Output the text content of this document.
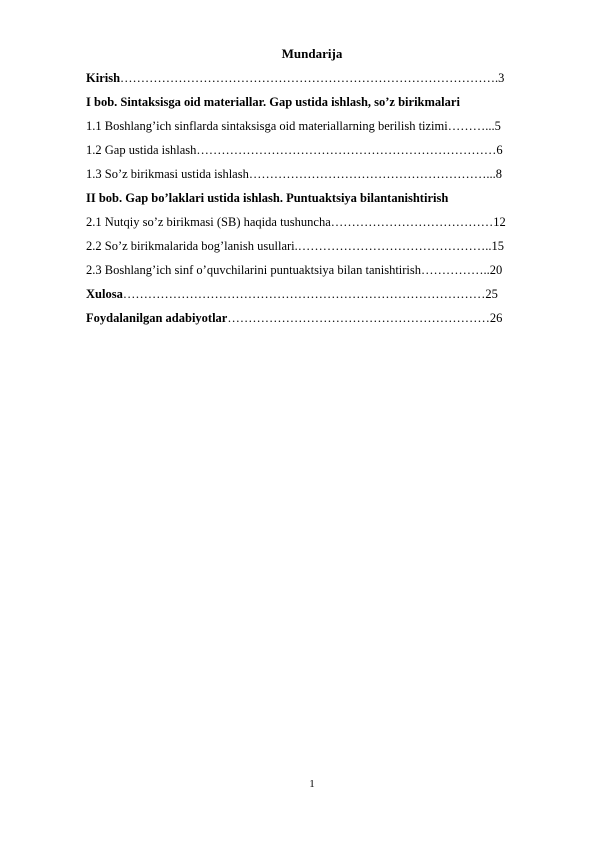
Mundarija
Kirish……………………………………………………………………………….3
I bob. Sintaksisga oid materiallar. Gap ustida ishlash, so’z birikmalari
1.1 Boshlang’ich sinflarda sintaksisga oid materiallarning berilish tizimi………...5
1.2 Gap ustida ishlash………………………………………………………………6
1.3 So’z birikmasi ustida ishlash…………………………………………………...8
II bob. Gap bo’laklari ustida ishlash. Puntuaktsiya bilantanishtirish
2.1 Nutqiy so’z birikmasi (SB) haqida tushuncha…………………………………12
2.2 So’z birikmalarida bog’lanish usullari.………………………………………..15
2.3 Boshlang’ich sinf o’quvchilarini puntuaktsiya bilan tanishtirish……………..20
Xulosa……………………………………………………………………………25
Foydalanilgan adabiyotlar………………………………………………………26
1
